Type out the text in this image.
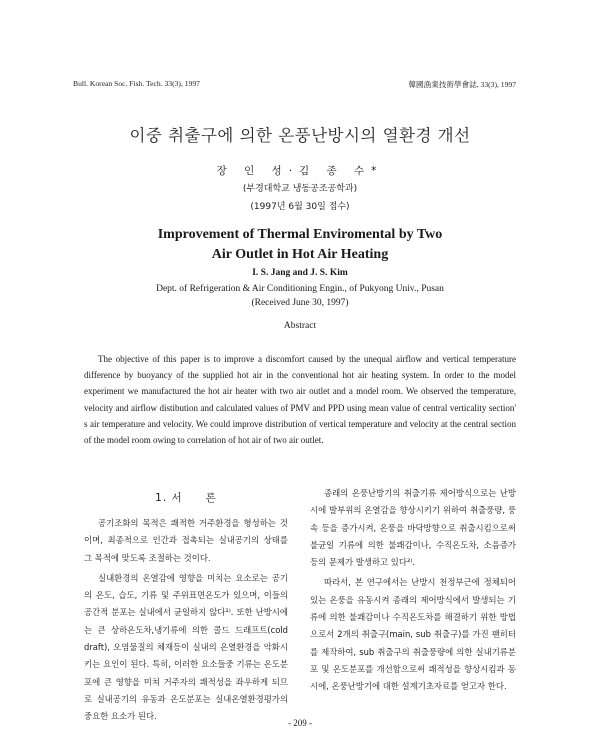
Bull. Korean Soc. Fish. Tech. 33(3), 1997	韓國漁業技術學會誌, 33(3), 1997
이중 취출구에 의한 온풍난방시의 열환경 개선
장 인 성·김 종 수*
(부경대학교 냉동공조공학과)
(1997년 6월 30일 접수)
Improvement of Thermal Enviromental by Two
Air Outlet in Hot Air Heating
I. S. Jang and J. S. Kim
Dept. of Refrigeration & Air Conditioning Engin., of Pukyong Univ., Pusan
(Received June 30, 1997)
Abstract
The objective of this paper is to improve a discomfort caused by the unequal airflow and vertical temperature difference by buoyancy of the supplied hot air in the conventional hot air heating system. In order to the model experiment we manufactured the hot air heater with two air outlet and a model room. We observed the temperature, velocity and airflow distibution and calculated values of PMV and PPD using mean value of central verticality section' s air temperature and velocity. We could improve distribution of vertical temperature and velocity at the central section of the model room owing to correlation of hot air of two air outlet.
1. 서　　론

공기조화의 목적은 쾌적한 거주환경을 형성하는 것이며, 최종적으로 인간과 접촉되는 실내공기의 상태를 그 목적에 맞도록 조절하는 것이다.

실내환경의 온열감에 영향을 미치는 요소로는 공기의 온도, 습도, 기류 및 주위표면온도가 있으며, 이들의 공간적 분포는 실내에서 균일하지 않다¹⁾. 또한 난방시에는 큰 상하온도차,냉기류에 의한 콜드 드래프트(cold draft), 오염물질의 체재등이 실내의 온열환경을 악화시키는 요인이 된다. 특히, 이러한 요소들중 기류는 온도분포에 큰 영향을 미쳐 거주자의 쾌적성을 좌우하게 되므로 실내공기의 유동과 온도분포는 실내온열환경평가의 중요한 요소가 된다.

종래의 온풍난방기의 취출기류 제어방식으로는 난방시에 발부위의 온열감을 향상시키기 위하여 취출풍량, 풍속 등을 증가시켜, 온풍을 바닥방향으로 취출시킴으로써 불균일 기류에 의한 불쾌감이나, 수직온도차, 소음증가 등의 문제가 발생하고 있다²⁾.

따라서, 본 연구에서는 난방시 천정부근에 정체되어 있는 온풍을 유동시켜 종래의 제어방식에서 발생되는 기류에 의한 불쾌감이나 수직온도차를 해결하기 위한 방법으로서 2개의 취출구(main, sub 취출구)를 가진 팬히터를 제작하여, sub 취출구의 취출풍량에 의한 실내기류분포 및 온도분포를 개선함으로써 쾌적성을 향상시킴과 동시에, 온풍난방기에 대한 설계기초자료를 얻고자 한다.

- 209 -
